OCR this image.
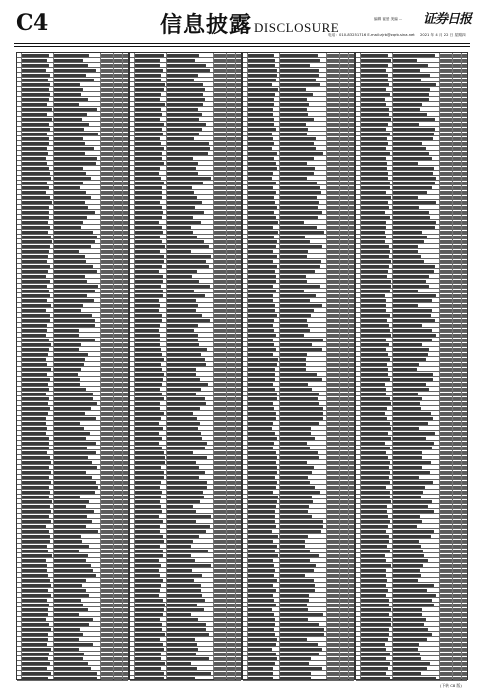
C4	信息披露 DISCLOSURE
编辑 崔爱 美编 ... 证券日报
电话：010-83251716 E-mail:zjrb@zqrb.sina.net 2021 年 4 月 22 日 星期四
(下转 C8 版)
